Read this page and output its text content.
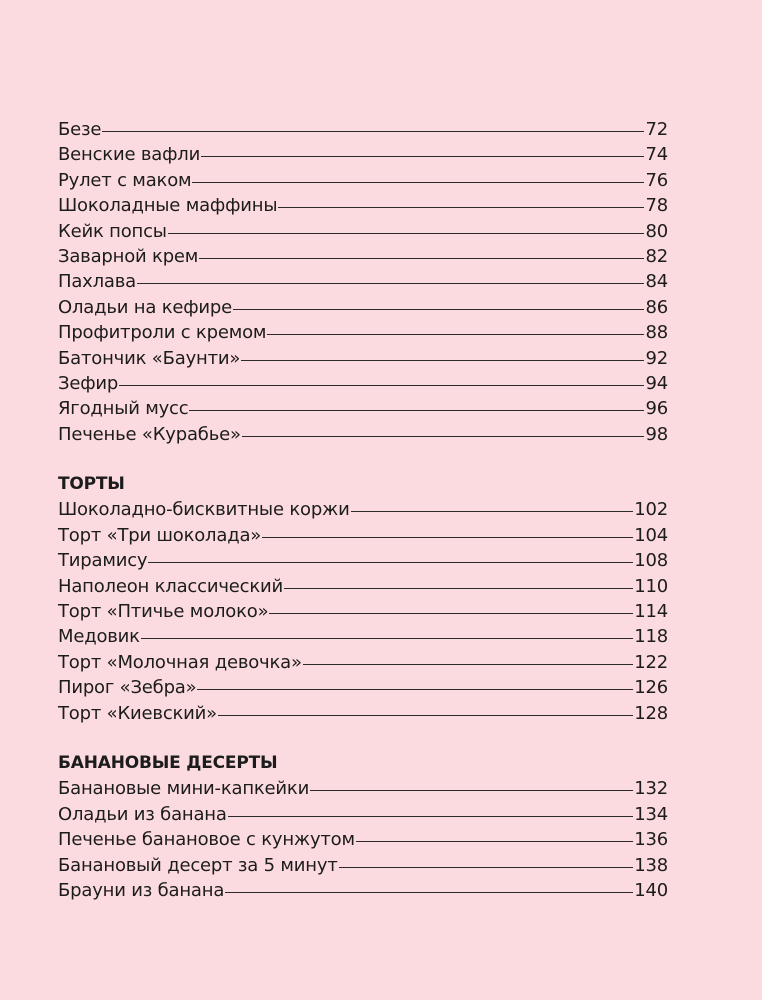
Безе	72
Венские вафли	74
Рулет с маком	76
Шоколадные маффины	78
Кейк попсы	80
Заварной крем	82
Пахлава	84
Оладьи на кефире	86
Профитроли с кремом	88
Батончик «Баунти»	92
Зефир	94
Ягодный мусс	96
Печенье «Курабье»	98
ТОРТЫ
Шоколадно-бисквитные коржи	102
Торт «Три шоколада»	104
Тирамису	108
Наполеон классический	110
Торт «Птичье молоко»	114
Медовик	118
Торт «Молочная девочка»	122
Пирог «Зебра»	126
Торт «Киевский»	128
БАНАНОВЫЕ ДЕСЕРТЫ
Банановые мини-капкейки	132
Оладьи из банана	134
Печенье банановое с кунжутом	136
Банановый десерт за 5 минут	138
Брауни из банана	140
